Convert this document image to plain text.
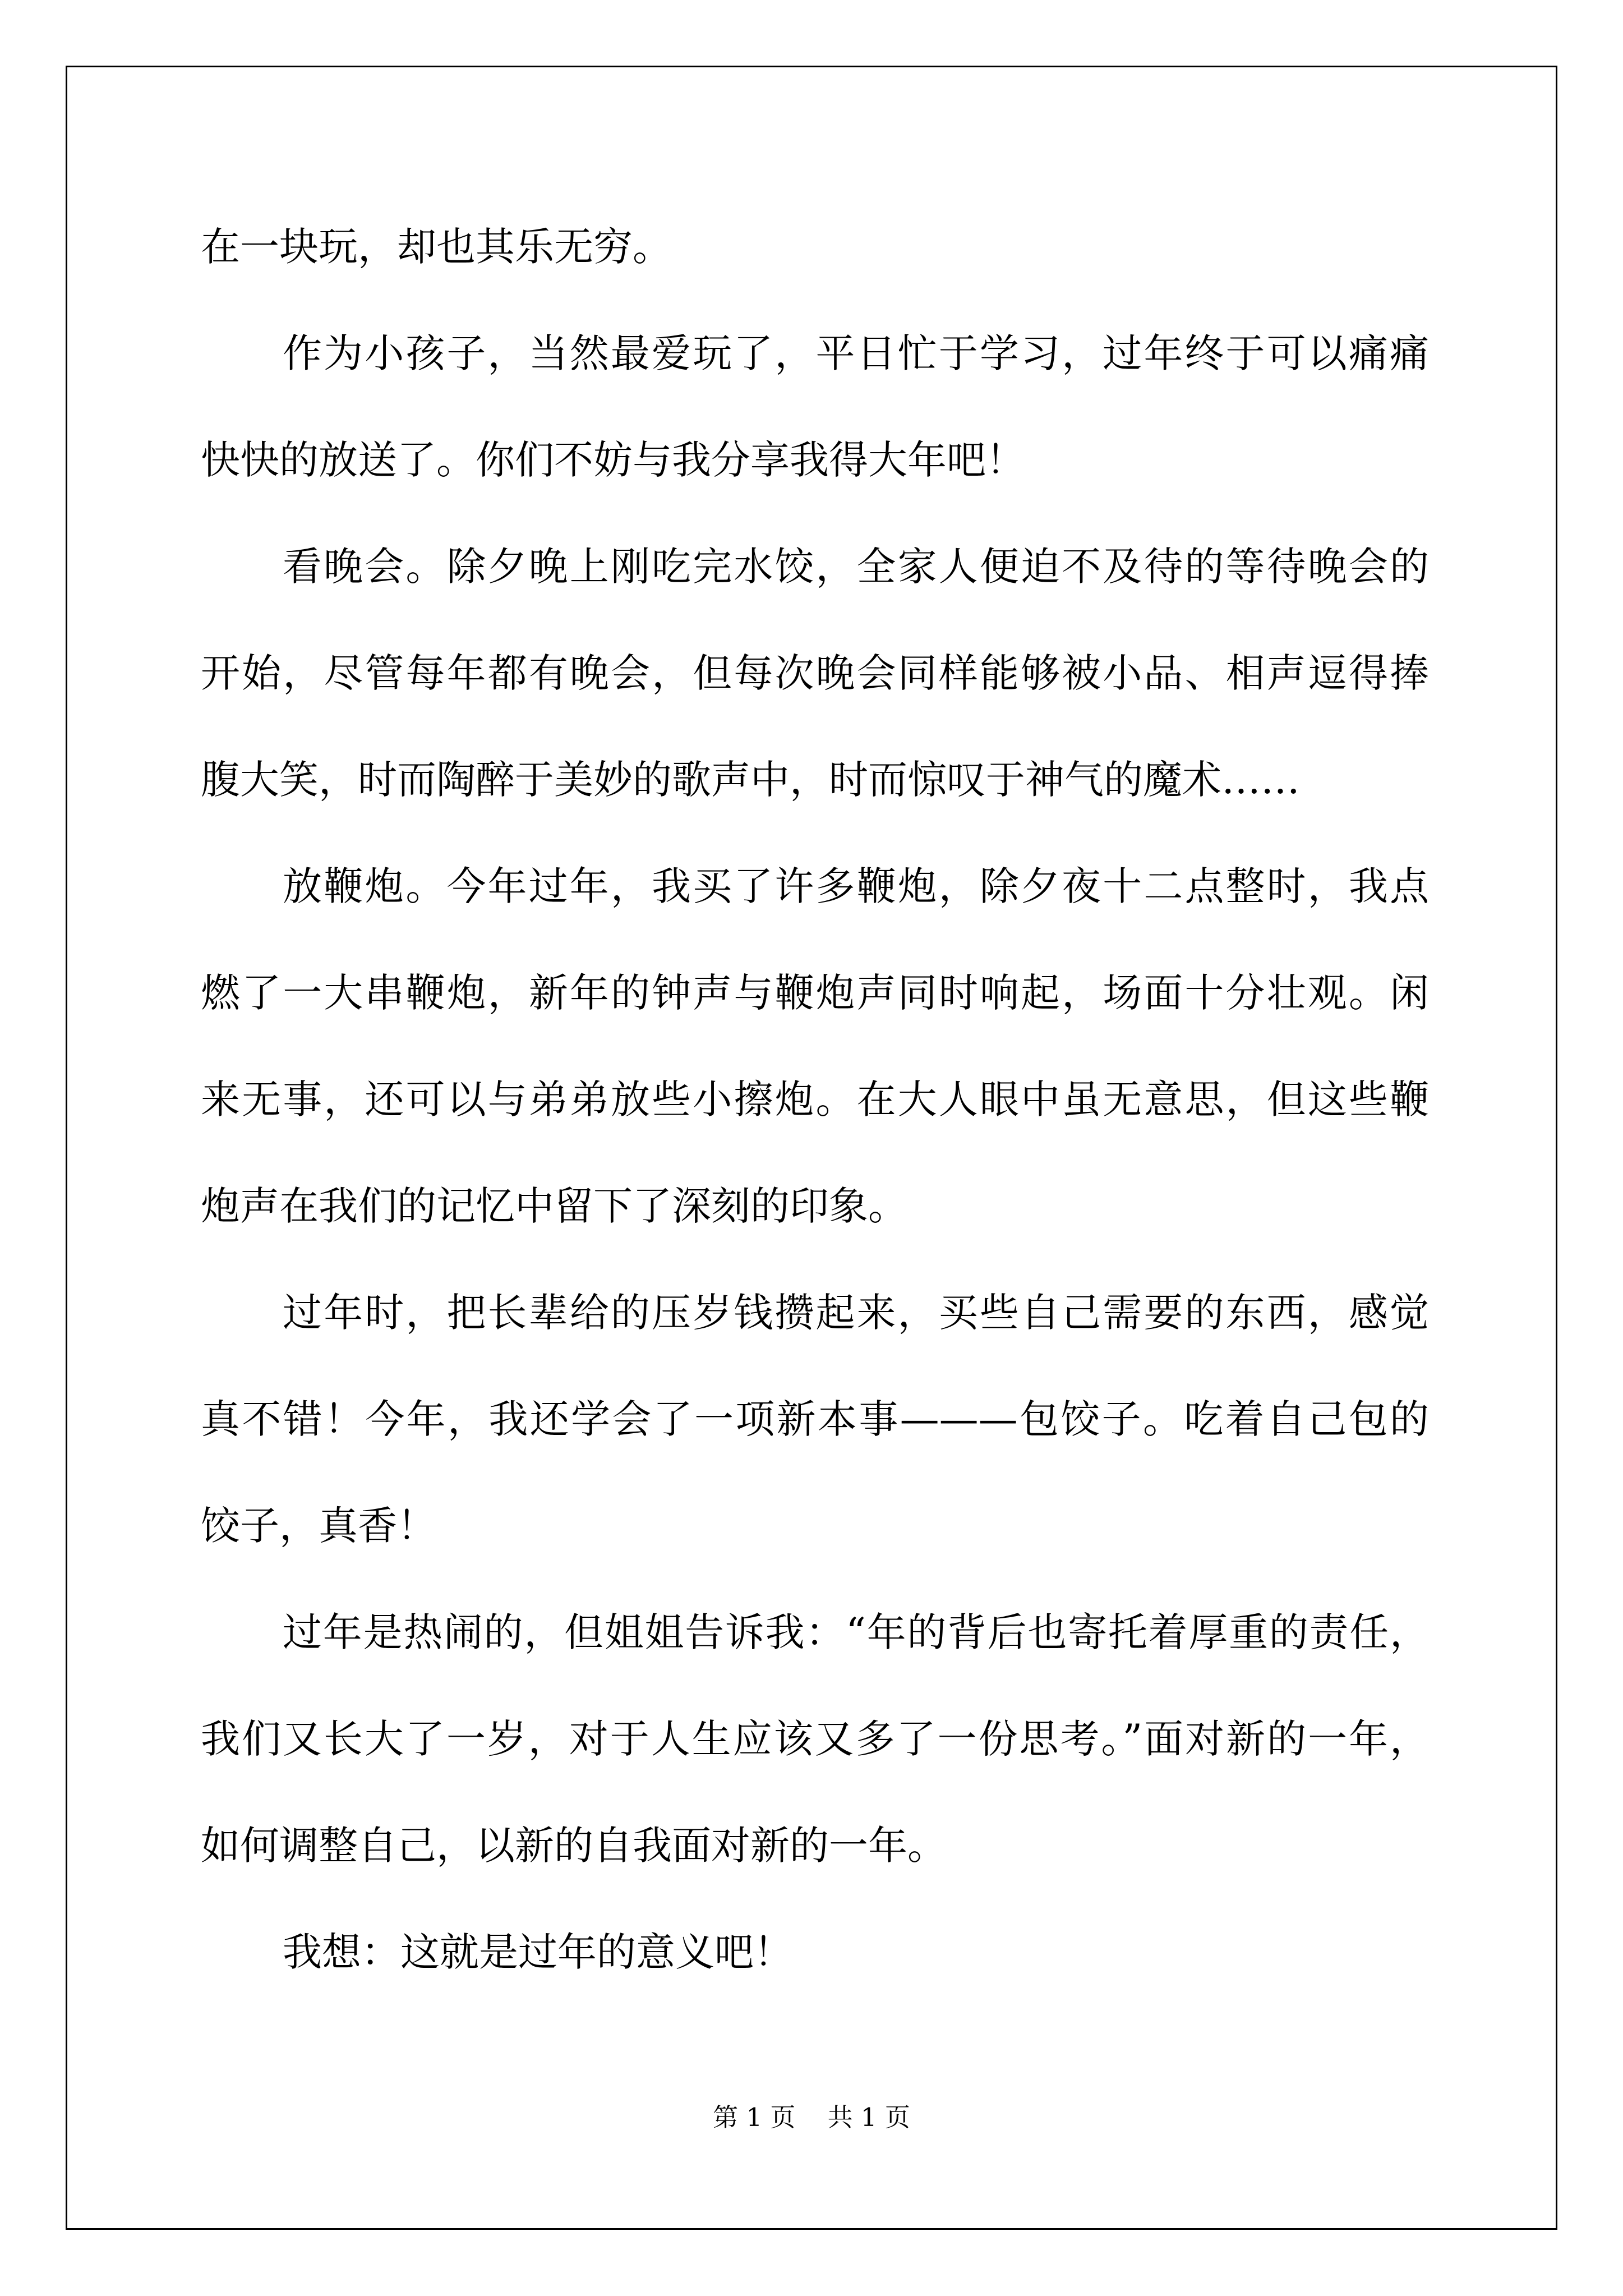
在一块玩，却也其乐无穷。
作为小孩子，当然最爱玩了，平日忙于学习，过年终于可以痛痛
快快的放送了。你们不妨与我分享我得大年吧！
看晚会。除夕晚上刚吃完水饺，全家人便迫不及待的等待晚会的
开始，尽管每年都有晚会，但每次晚会同样能够被小品、相声逗得捧
腹大笑，时而陶醉于美妙的歌声中，时而惊叹于神气的魔术……
放鞭炮。今年过年，我买了许多鞭炮，除夕夜十二点整时，我点
燃了一大串鞭炮，新年的钟声与鞭炮声同时响起，场面十分壮观。闲
来无事，还可以与弟弟放些小擦炮。在大人眼中虽无意思，但这些鞭
炮声在我们的记忆中留下了深刻的印象。
过年时，把长辈给的压岁钱攒起来，买些自己需要的东西，感觉
真不错！今年，我还学会了一项新本事———包饺子。吃着自己包的
饺子，真香！
过年是热闹的，但姐姐告诉我：“年的背后也寄托着厚重的责任，
我们又长大了一岁，对于人生应该又多了一份思考。”面对新的一年，
如何调整自己，以新的自我面对新的一年。
我想：这就是过年的意义吧！
第 1 页    共 1 页
